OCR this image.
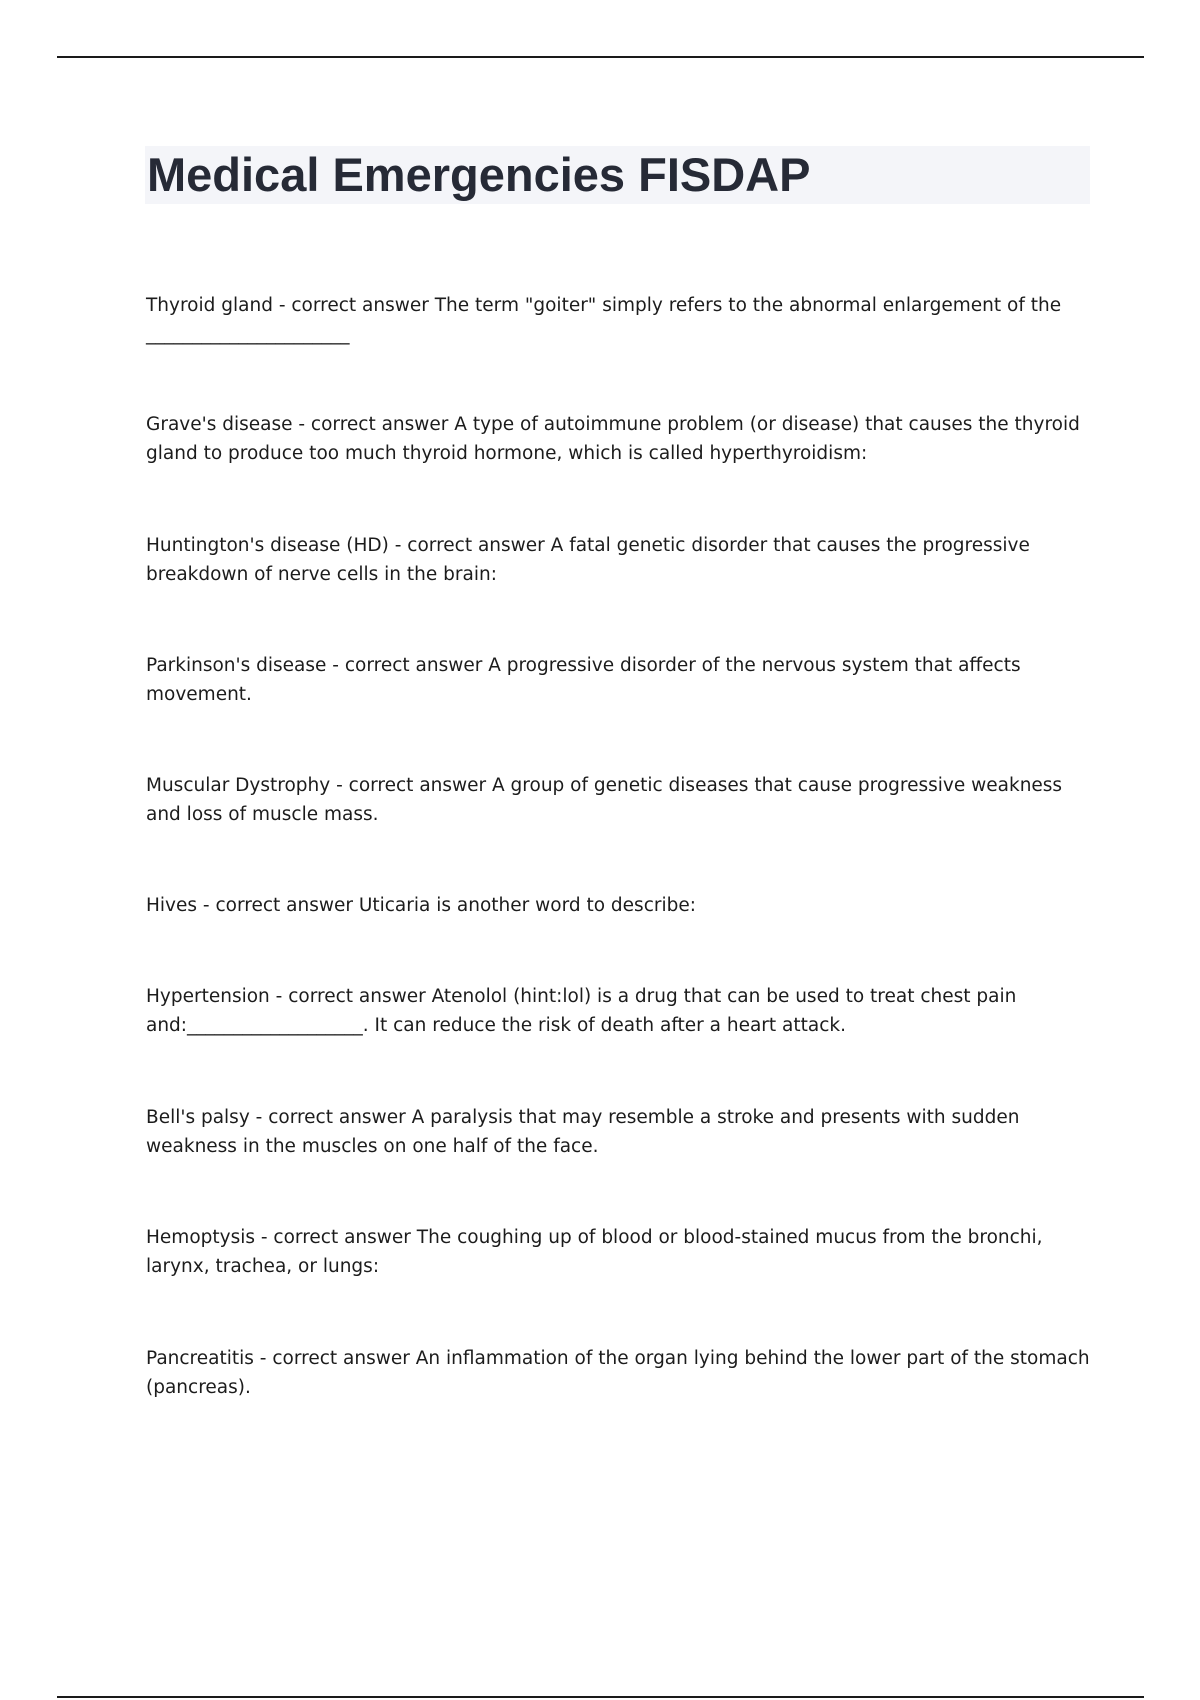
Medical Emergencies FISDAP

Thyroid gland - correct answer The term "goiter" simply refers to the abnormal enlargement of the ______________________

Grave's disease - correct answer A type of autoimmune problem (or disease) that causes the thyroid gland to produce too much thyroid hormone, which is called hyperthyroidism:

Huntington's disease (HD) - correct answer A fatal genetic disorder that causes the progressive breakdown of nerve cells in the brain:

Parkinson's disease - correct answer A progressive disorder of the nervous system that affects movement.

Muscular Dystrophy - correct answer A group of genetic diseases that cause progressive weakness and loss of muscle mass.

Hives - correct answer Uticaria is another word to describe:

Hypertension - correct answer Atenolol (hint:lol) is a drug that can be used to treat chest pain and:___________________. It can reduce the risk of death after a heart attack.

Bell's palsy - correct answer A paralysis that may resemble a stroke and presents with sudden weakness in the muscles on one half of the face.

Hemoptysis - correct answer The coughing up of blood or blood-stained mucus from the bronchi, larynx, trachea, or lungs:

Pancreatitis - correct answer An inflammation of the organ lying behind the lower part of the stomach (pancreas).
